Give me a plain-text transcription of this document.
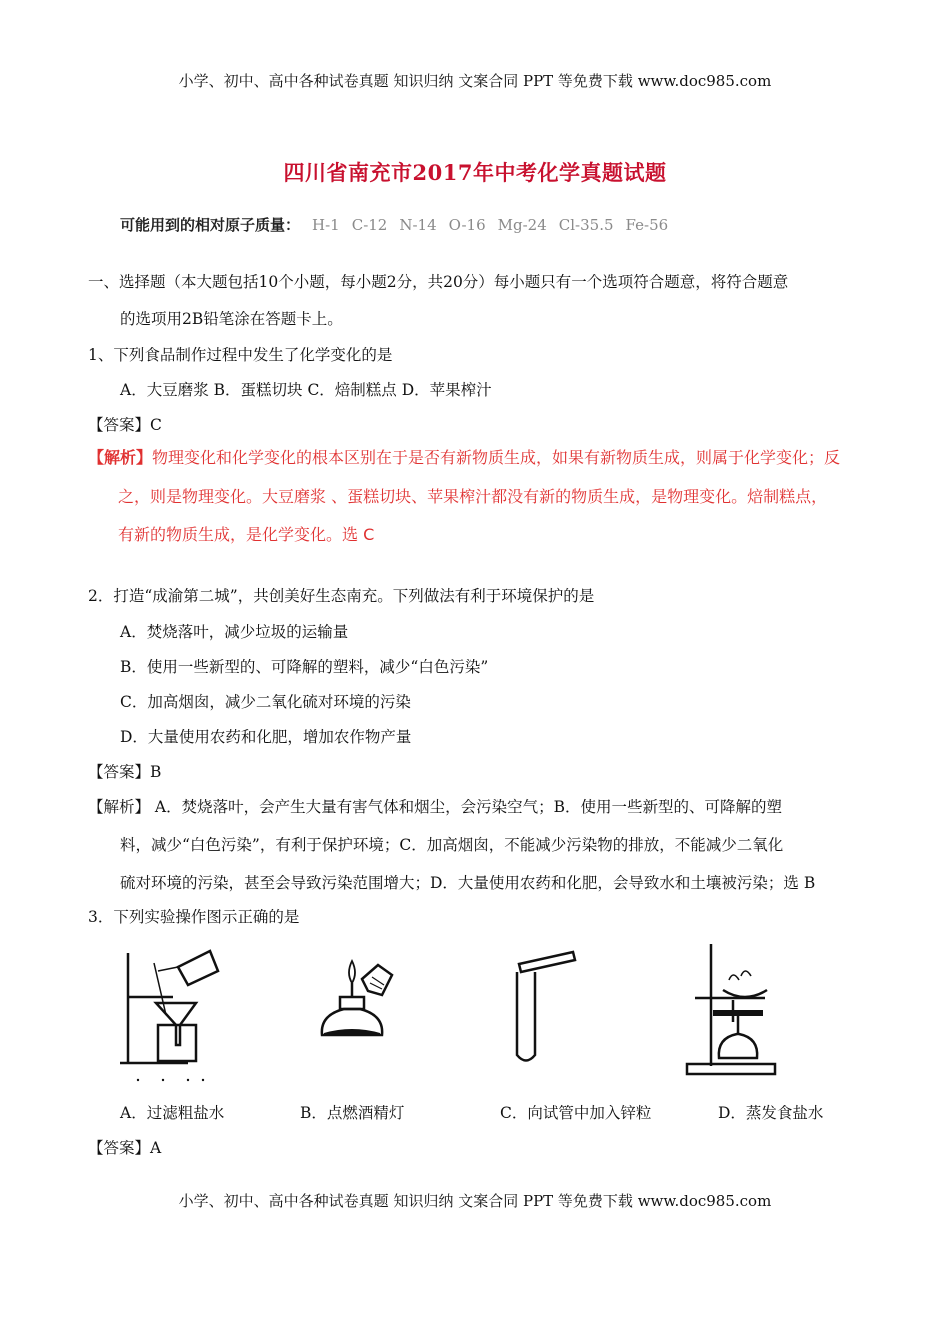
小学、初中、高中各种试卷真题 知识归纳 文案合同 PPT 等免费下载 www.doc985.com
四川省南充市2017年中考化学真题试题
可能用到的相对原子质量： H-1 C-12 N-14 O-16 Mg-24 Cl-35.5 Fe-56
一、选择题（本大题包括10个小题，每小题2分，共20分）每小题只有一个选项符合题意，将符合题意
的选项用2B铅笔涂在答题卡上。
1、下列食品制作过程中发生了化学变化的是
A．大豆磨浆 B．蛋糕切块 C．焙制糕点 D．苹果榨汁
【答案】C
【解析】物理变化和化学变化的根本区别在于是否有新物质生成，如果有新物质生成，则属于化学变化；反
之，则是物理变化。大豆磨浆 、蛋糕切块、苹果榨汁都没有新的物质生成，是物理变化。焙制糕点，
有新的物质生成，是化学变化。选 C
2．打造“成渝第二城”，共创美好生态南充。下列做法有利于环境保护的是
A．焚烧落叶，减少垃圾的运输量
B．使用一些新型的、可降解的塑料，减少“白色污染”
C．加高烟囱，减少二氧化硫对环境的污染
D．大量使用农药和化肥，增加农作物产量
【答案】B
【解析】 A．焚烧落叶，会产生大量有害气体和烟尘，会污染空气；B．使用一些新型的、可降解的塑
料，减少“白色污染”，有利于保护环境；C．加高烟囱，不能减少污染物的排放，不能减少二氧化
硫对环境的污染，甚至会导致污染范围增大；D．大量使用农药和化肥，会导致水和土壤被污染；选 B
3．下列实验操作图示正确的是
A．过滤粗盐水	B．点燃酒精灯	C．向试管中加入锌粒	D．蒸发食盐水
【答案】A
小学、初中、高中各种试卷真题 知识归纳 文案合同 PPT 等免费下载 www.doc985.com
